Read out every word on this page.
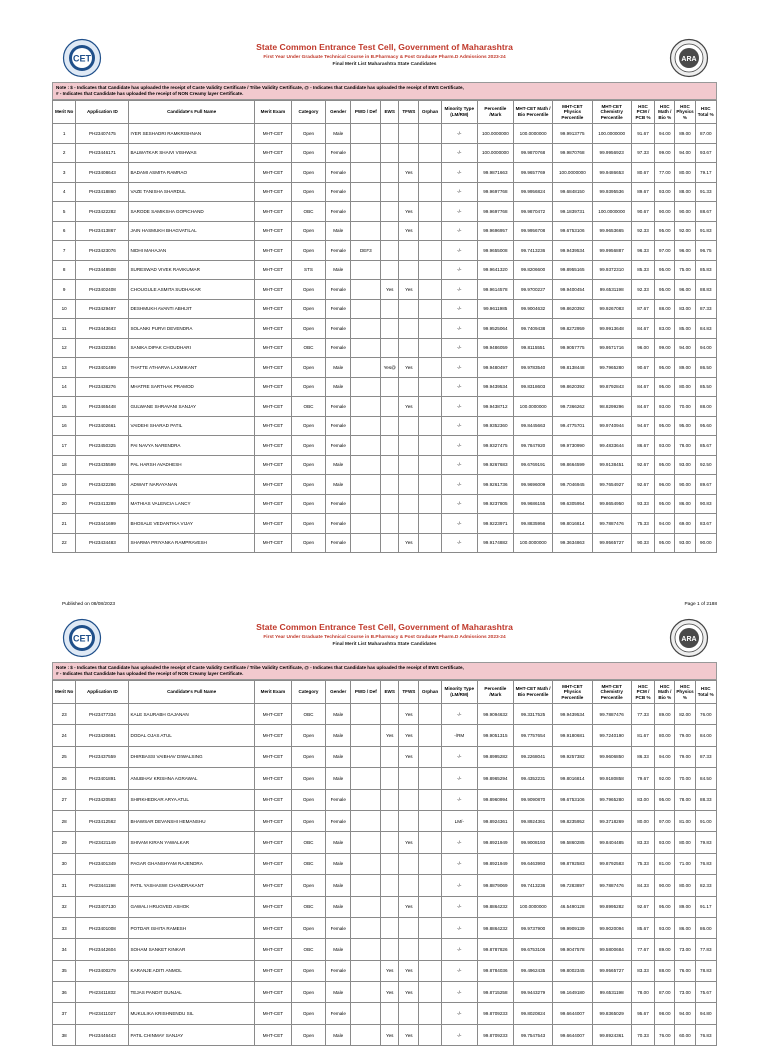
CET
State Common Entrance Test Cell, Government of Maharashtra
First Year Under Graduate Technical Course in B.Pharmacy & Post Graduate Pharm.D Admissions 2023-24
Final Merit List Maharashtra State Candidates
ARA
Note : $ - Indicates that Candidate has uploaded the receipt of Caste Validity Certificate / Tribe Validity Certificate, @ - Indicates that Candidate has uploaded the receipt of EWS Certificate,
# - Indicates that Candidate has uploaded the receipt of NON Creamy layer Certificate.
Merit No	Application ID	Candidate's Full Name	Merit Exam	Category	Gender	PWD / Def	EWS	TFWS	Orphan	Minority Type (LM/RM)	Percentile /Mark	MHT-CET Math / Bio Percentile	MHT-CET Physics Percentile	MHT-CET Chemistry Percentile	HSC PCM / PCB %	HSC Math / Bio %	HSC Physics %	HSC Total %
1	PH23407475	IYER SESHADRI RAMKRISHNAN	MHT-CET	Open	Male					-/-	100.0000000	100.0000000	99.9913775	100.0000000	91.67	94.00	89.00	87.00
2	PH23446171	BALWATKAR SHAIVI VISHWAS	MHT-CET	Open	Female					-/-	100.0000000	99.9870768	99.9870768	99.9956923	97.33	99.00	94.00	93.67
3	PH23408643	BADAMI ASMITA RAMRAO	MHT-CET	Open	Female			Yes		-/-	99.9871663	99.9657769	100.0000000	99.9486653	80.67	77.00	80.00	79.17
4	PH23418860	VAZE TANISHA SHARDUL	MHT-CET	Open	Female					-/-	99.9697768	99.9956824	99.6848150	99.9395536	89.67	93.00	88.00	91.33
5	PH23422282	SARODE SAMIKSHA GOPICHAND	MHT-CET	OBC	Female			Yes		-/-	99.9697768	99.9870472	99.1839731	100.0000000	90.67	90.00	90.00	88.67
6	PH23413867	JAIN HASMUKH BHAGVATILAL	MHT-CET	Open	Male			Yes		-/-	99.9696957	99.9956708	99.6753106	99.9653665	92.33	95.00	92.00	91.83
7	PH23423076	NIDHI MAHAJAN	MHT-CET	Open	Female	DEF3				-/-	99.9655008	99.7413236	99.9439534	99.9956887	96.33	97.00	96.00	96.75
8	PH23448508	SURESWAD VIVEK RAVIKUMAR	MHT-CET	STS	Male					-/-	99.9641320	99.8206600	99.8955165	99.9372310	85.33	95.00	75.00	85.83
9	PH23402408	CHOUGULE ASMITA SUDHAKAR	MHT-CET	Open	Female		Yes	Yes		-/-	99.9614578	99.9700227	99.9400454	99.6531198	92.33	95.00	96.00	88.83
10	PH23429497	DESHMUKH AVANTI ABHIJIT	MHT-CET	Open	Female					-/-	99.9611985	99.9004632	99.8620392	99.9267083	87.67	88.00	83.00	87.33
11	PH23443643	SOLANKI PURVI DEVENDRA	MHT-CET	Open	Female					-/-	99.9525064	99.7409438	99.8272959	99.9913648	84.67	83.00	85.00	84.83
12	PH23432384	SANIKA DIPAK CHOUDHARI	MHT-CET	OBC	Female					-/-	99.9486059	99.8115551	99.9057775	99.9571716	96.00	99.00	94.00	94.00
13	PH23401499	THATTE ATHARVA LAXMIKANT	MHT-CET	Open	Male		Yes@	Yes		-/-	99.9480497	99.9783540	99.8138448	99.7965280	90.67	95.00	89.00	86.50
14	PH23438276	MHATRE SARTHAK PRAMOD	MHT-CET	Open	Male					-/-	99.9439534	99.8318603	99.8620392	99.8792843	84.67	95.00	80.00	85.50
15	PH23465448	GULWANE SHRAVANI SANJAY	MHT-CET	OBC	Female			Yes		-/-	99.9438712	100.0000000	99.7366262	98.8299296	84.67	93.00	70.00	88.00
16	PH23402661	VAIDEHI SHARAD PATIL	MHT-CET	Open	Female					-/-	99.9352360	99.8445663	99.4775701	99.9740944	94.67	95.00	95.00	95.60
17	PH23450325	PAI NAVYA NARENDRA	MHT-CET	Open	Female					-/-	99.9327475	99.7847920	99.9730990	99.4833644	86.67	93.00	78.00	85.67
18	PH23435599	PAL HARSH AVADHESH	MHT-CET	Open	Male					-/-	99.9267683	99.6769191	99.8664599	99.9138451	92.67	95.00	93.00	92.50
19	PH23422286	ADWAIT NARAYANAN	MHT-CET	Open	Male					-/-	99.9261736	99.9696009	99.7046945	99.7654927	92.67	96.00	90.00	89.67
20	PH23413289	MATHIAS VALENCIA LANCY	MHT-CET	Open	Female					-/-	99.9237805	99.9686155	99.6305954	99.8654950	93.33	95.00	86.00	90.83
21	PH23441699	BHOSALE VEDANTIKA VIJAY	MHT-CET	Open	Female					-/-	99.9223971	99.8835956	99.8016814	99.7887476	75.33	94.00	69.00	83.67
22	PH23434483	SHARMA PRIYANKA RAMPRAVESH	MHT-CET	Open	Female			Yes		-/-	99.9174882	100.0000000	99.3634863	99.9565727	90.33	95.00	93.00	90.00
Published on 08/08/2023	Page 1 of 2188
CET
State Common Entrance Test Cell, Government of Maharashtra
First Year Under Graduate Technical Course in B.Pharmacy & Post Graduate Pharm.D Admissions 2023-24
Final Merit List Maharashtra State Candidates
ARA
Note : $ - Indicates that Candidate has uploaded the receipt of Caste Validity Certificate / Tribe Validity Certificate, @ - Indicates that Candidate has uploaded the receipt of EWS Certificate,
# - Indicates that Candidate has uploaded the receipt of NON Creamy layer Certificate.
Merit No	Application ID	Candidate's Full Name	Merit Exam	Category	Gender	PWD / Def	EWS	TFWS	Orphan	Minority Type (LM/RM)	Percentile /Mark	MHT-CET Math / Bio Percentile	MHT-CET Physics Percentile	MHT-CET Chemistry Percentile	HSC PCM / PCB %	HSC Math / Bio %	HSC Physics %	HSC Total %
23	PH23477334	KALE SAURABH GAJANAN	MHT-CET	OBC	Male			Yes		-/-	99.9094632	99.3317525	99.9439534	99.7887476	77.33	89.00	82.00	76.00
24	PH23420691	DODAL OJAS ATUL	MHT-CET	Open	Male		Yes	Yes		-/RM	99.9051315	99.7757654	99.9180681	99.7240190	81.67	80.00	79.00	84.00
25	PH23437559	DHIRBASSI VAIBHAV DIWALSING	MHT-CET	Open	Male			Yes		-/-	99.8995282	99.2268041	99.9257382	99.9606850	86.33	94.00	79.00	87.33
26	PH23401891	ANUBHAV KRISHNA AGRAWAL	MHT-CET	Open	Male					-/-	99.8965294	99.4352231	99.8016814	99.9180858	79.67	92.00	70.00	84.50
27	PH23420593	SHIRKHEDKAR ARYA ATUL	MHT-CET	Open	Female					-/-	99.8960994	99.9090870	99.6753106	99.7965280	83.00	95.00	78.00	88.33
28	PH23412562	BHAWSAR DEVANSHI HEMANSHU	MHT-CET	Open	Female					LM/-	99.8924361	99.8924361	99.8235952	99.3718269	80.00	97.00	81.00	91.00
29	PH23421149	SHIVAM KIRAN YAWALKAR	MHT-CET	OBC	Male			Yes		-/-	99.8921949	99.9008193	99.5860285	99.8404485	83.33	93.00	80.00	79.83
30	PH23401349	PAGAR GHANSHYAM RAJENDRA	MHT-CET	OBC	Male					-/-	99.8921949	99.6463993	99.8792583	99.8792583	75.33	81.00	71.00	76.83
31	PH23441198	PATIL YASHASWI CHANDRAKANT	MHT-CET	Open	Male					-/-	99.8879069	99.7413236	99.7283897	99.7887476	84.33	90.00	80.00	82.33
32	PH23407130	GAWALI HRUGVED ASHOK	MHT-CET	OBC	Male			Yes		-/-	99.8864232	100.0000000	46.5490128	99.8995282	92.67	95.00	89.00	91.17
33	PH23401008	POTDAR ISHITA RAMESH	MHT-CET	Open	Female					-/-	99.8864232	99.9737900	99.9909139	99.9020094	85.67	93.00	86.00	86.00
34	PH23442604	SOHAM SANKET KINKAR	MHT-CET	OBC	Male					-/-	99.8787826	99.6753106	99.9047578	99.5800684	77.67	89.00	73.00	77.83
35	PH23400279	KARANJE ADITI ANMOL	MHT-CET	Open	Female		Yes	Yes		-/-	99.8784036	99.4962435	99.8002345	99.9565727	83.33	88.00	76.00	78.83
36	PH23411832	TEJAS PANDIT GUNJAL	MHT-CET	Open	Male		Yes	Yes		-/-	99.8715258	99.9443279	99.1649180	99.6531198	78.00	87.00	73.00	75.67
37	PH23411027	MUKULIKA KRISHNENDU SIL	MHT-CET	Open	Female					-/-	99.8709233	99.8020824	99.6644007	99.8365029	95.67	98.00	94.00	94.80
38	PH23446443	PATIL CHINMAY SANJAY	MHT-CET	Open	Male		Yes	Yes		-/-	99.8709233	99.7547543	99.6644007	99.8924361	70.33	76.00	60.00	76.83
